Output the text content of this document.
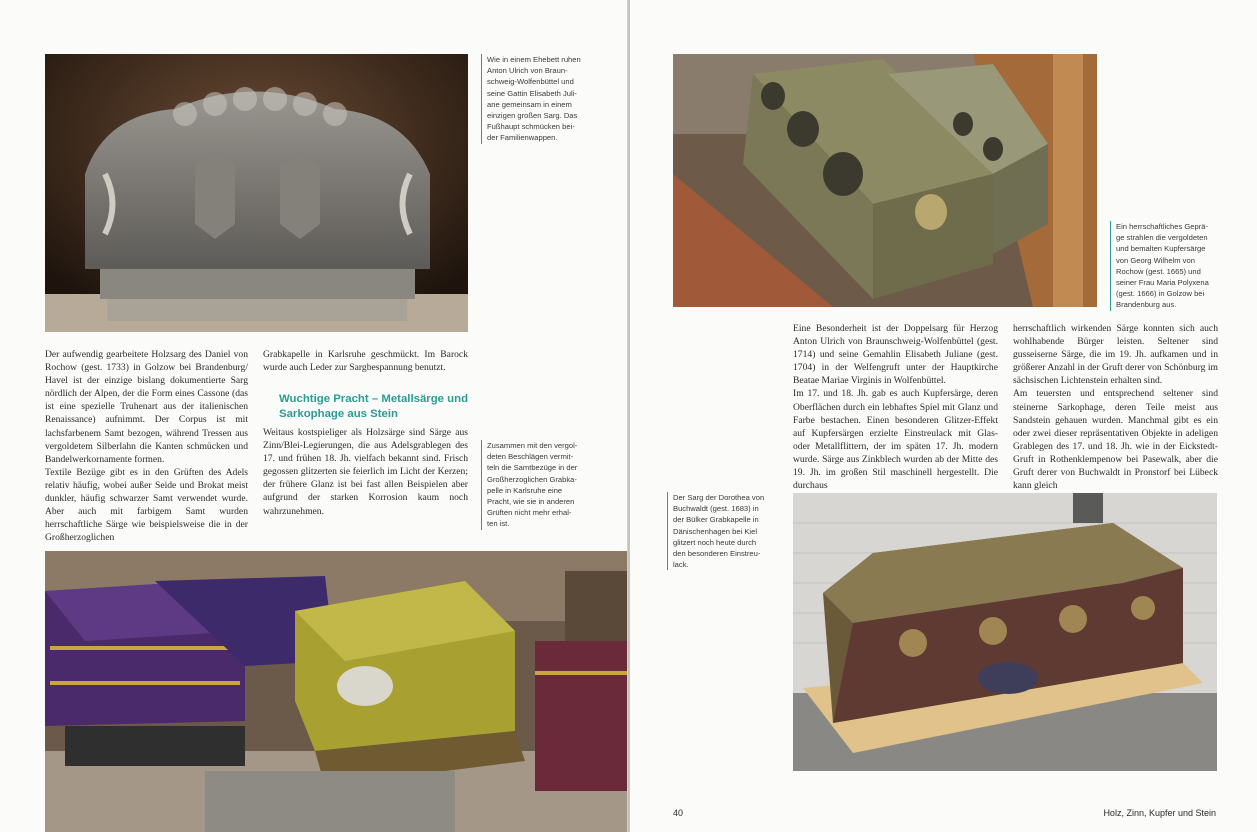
Wie in einem Ehebett ruhen
Anton Ulrich von Braun-
schweig-Wolfenbüttel und
seine Gattin Elisabeth Juli-
ane gemeinsam in einem
einzigen großen Sarg. Das
Fußhaupt schmücken bei-
der Familienwappen.
Der aufwendig gearbeitete Holzsarg des Daniel von Rochow (gest. 1733) in Golzow bei Brandenburg/ Havel ist der einzige bislang dokumentierte Sarg nördlich der Alpen, der die Form eines Cassone (das ist eine spezielle Truhenart aus der italienischen Renaissance) aufnimmt. Der Corpus ist mit lachsfarbenem Samt bezogen, während Tressen aus vergoldetem Silberlahn die Kanten schmücken und Bandelwerkornamente formen.
Textile Bezüge gibt es in den Grüften des Adels relativ häufig, wobei außer Seide und Brokat meist dunkler, häufig schwarzer Samt verwendet wurde. Aber auch mit farbigem Samt wurden herrschaftliche Särge wie beispielsweise die in der Großherzoglichen
Grabkapelle in Karlsruhe geschmückt. Im Barock wurde auch Leder zur Sargbespannung benutzt.
Wuchtige Pracht – Metallsärge und
Sarkophage aus Stein
Weitaus kostspieliger als Holzsärge sind Särge aus Zinn/Blei-Legierungen, die aus Adelsgrablegen des 17. und frühen 18. Jh. vielfach bekannt sind. Frisch gegossen glitzerten sie feierlich im Licht der Kerzen; der frühere Glanz ist bei fast allen Beispielen aber aufgrund der starken Korrosion kaum noch wahrzunehmen.
Zusammen mit den vergol-
deten Beschlägen vermit-
teln die Samtbezüge in der
Großherzoglichen Grabka-
pelle in Karlsruhe eine
Pracht, wie sie in anderen
Grüften nicht mehr erhal-
ten ist.
Ein herrschaftliches Geprä-
ge strahlen die vergoldeten
und bemalten Kupfersärge
von Georg Wilhelm von
Rochow (gest. 1665) und
seiner Frau Maria Polyxena
(gest. 1666) in Golzow bei
Brandenburg aus.
Eine Besonderheit ist der Doppelsarg für Herzog Anton Ulrich von Braunschweig-Wolfenbüttel (gest. 1714) und seine Gemahlin Elisabeth Juliane (gest. 1704) in der Welfengruft unter der Hauptkirche Beatae Mariae Virginis in Wolfenbüttel.
Im 17. und 18. Jh. gab es auch Kupfersärge, deren Oberflächen durch ein lebhaftes Spiel mit Glanz und Farbe bestachen. Einen besonderen Glitzer-Effekt auf Kupfersärgen erzielte Einstreulack mit Glas- oder Metallflittern, der im späten 17. Jh. modern wurde. Särge aus Zinkblech wurden ab der Mitte des 19. Jh. im großen Stil maschinell hergestellt. Die durchaus
herrschaftlich wirkenden Särge konnten sich auch wohlhabende Bürger leisten. Seltener sind gusseiserne Särge, die im 19. Jh. aufkamen und in größerer Anzahl in der Gruft derer von Schönburg im sächsischen Lichtenstein erhalten sind.
Am teuersten und entsprechend seltener sind steinerne Sarkophage, deren Teile meist aus Sandstein gehauen wurden. Manchmal gibt es ein oder zwei dieser repräsentativen Objekte in adeligen Grablegen des 17. und 18. Jh. wie in der Eickstedt-Gruft in Rothenklempenow bei Pasewalk, aber die Gruft derer von Buchwaldt in Pronstorf bei Lübeck kann gleich
Der Sarg der Dorothea von
Buchwaldt (gest. 1683) in
der Bülker Grabkapelle in
Dänischenhagen bei Kiel
glitzert noch heute durch
den besonderen Einstreu-
lack.
40	Holz, Zinn, Kupfer und Stein
